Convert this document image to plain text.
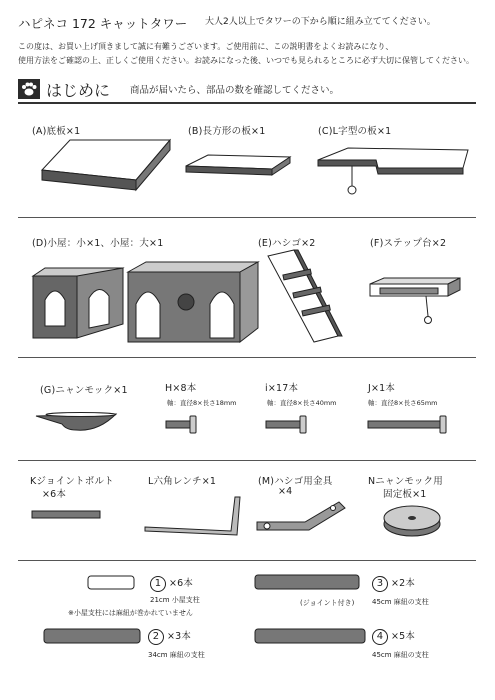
ハピネコ 172 キャットタワー 大人2人以上でタワーの下から順に組み立ててください。
この度は、お買い上げ頂きまして誠に有難うございます。ご使用前に、この説明書をよくお読みになり、
使用方法をご確認の上、正しくご使用ください。お読みになった後、いつでも見られるところに必ず大切に保管してください。
はじめに 商品が届いたら、部品の数を確認してください。
(A)底板×1	(B)長方形の板×1	(C)L字型の板×1
(D)小屋：小×1、小屋：大×1	(E)ハシゴ×2	(F)ステップ台×2
(G)ニャンモック×1	H×8本
軸：直径8×長さ18mm
i×17本
軸：直径8×長さ40mm
J×1本
軸：直径8×長さ65mm
Kジョイントボルト
×6本
L六角レンチ×1	(M)ハシゴ用金具
×4
Nニャンモック用
固定板×1
1 ×6本
21cm 小屋支柱
※小屋支柱には麻紐が巻かれていません
3 ×2本
(ジョイント付き)	45cm 麻紐の支柱
2 ×3本
34cm 麻紐の支柱
4 ×5本
45cm 麻紐の支柱
